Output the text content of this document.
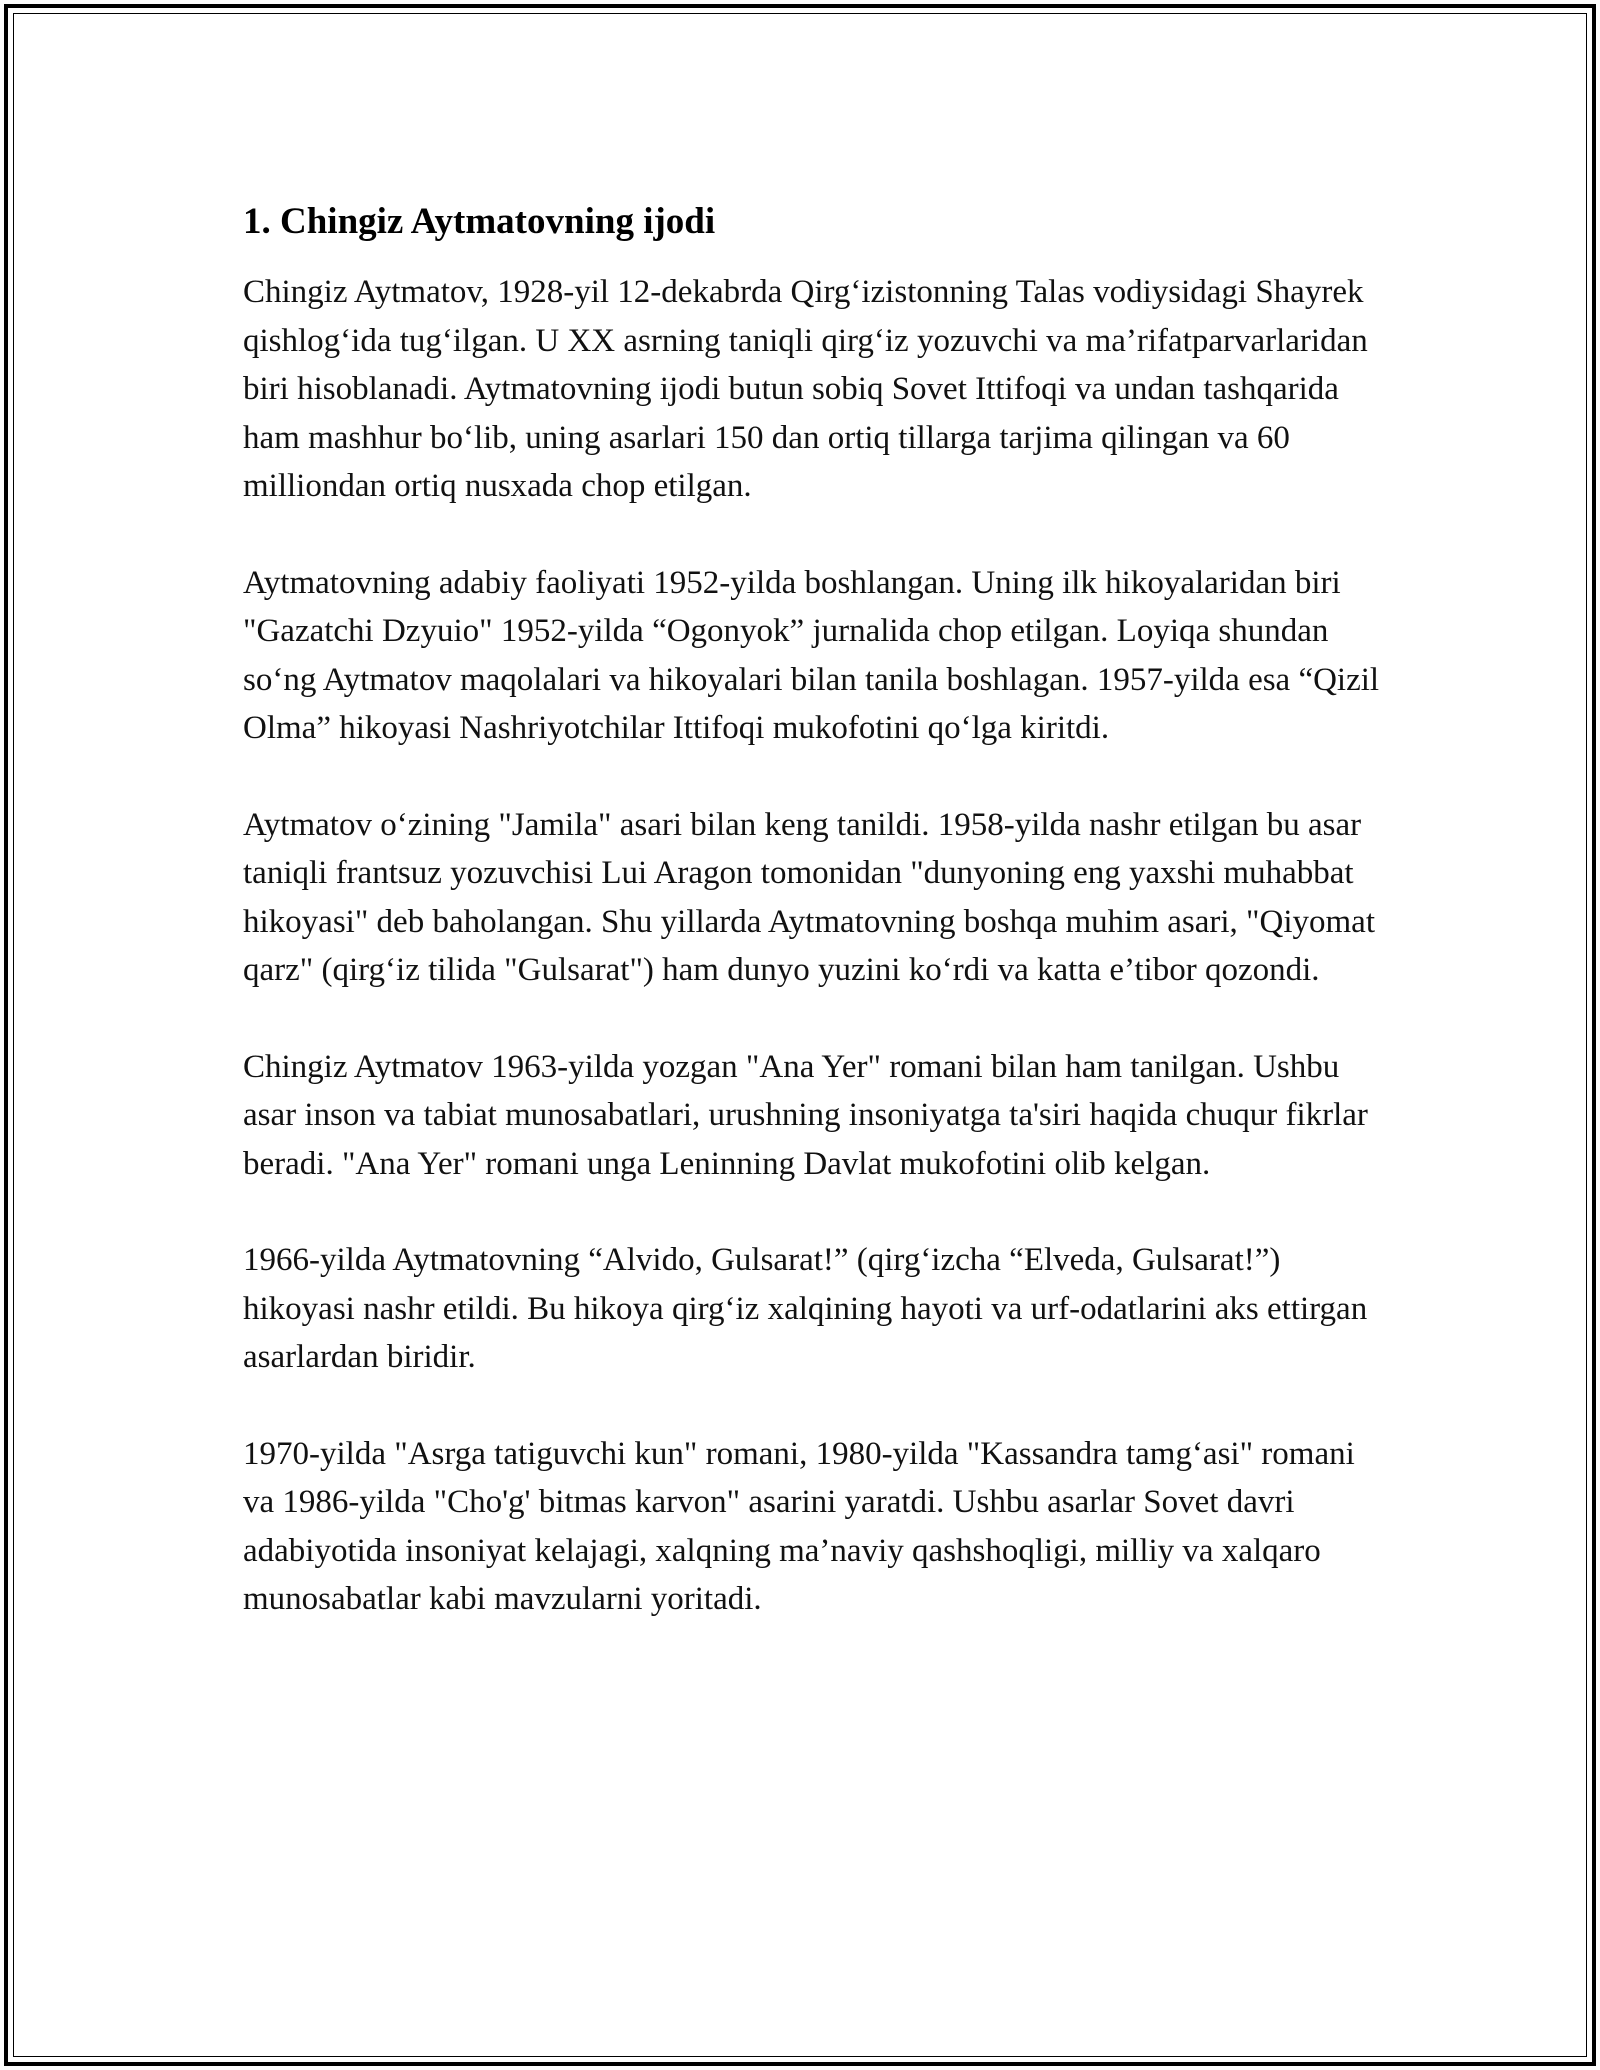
1. Chingiz Aytmatovning ijodi

Chingiz Aytmatov, 1928-yil 12-dekabrda Qirg‘izistonning Talas vodiysidagi Shayrek qishlog‘ida tug‘ilgan. U XX asrning taniqli qirg‘iz yozuvchi va ma’rifatparvarlaridan biri hisoblanadi. Aytmatovning ijodi butun sobiq Sovet Ittifoqi va undan tashqarida ham mashhur bo‘lib, uning asarlari 150 dan ortiq tillarga tarjima qilingan va 60 milliondan ortiq nusxada chop etilgan.

Aytmatovning adabiy faoliyati 1952-yilda boshlangan. Uning ilk hikoyalaridan biri "Gazatchi Dzyuio" 1952-yilda “Ogonyok” jurnalida chop etilgan. Loyiqa shundan so‘ng Aytmatov maqolalari va hikoyalari bilan tanila boshlagan. 1957-yilda esa “Qizil Olma” hikoyasi Nashriyotchilar Ittifoqi mukofotini qo‘lga kiritdi.

Aytmatov o‘zining "Jamila" asari bilan keng tanildi. 1958-yilda nashr etilgan bu asar taniqli frantsuz yozuvchisi Lui Aragon tomonidan "dunyoning eng yaxshi muhabbat hikoyasi" deb baholangan. Shu yillarda Aytmatovning boshqa muhim asari, "Qiyomat qarz" (qirg‘iz tilida "Gulsarat") ham dunyo yuzini ko‘rdi va katta e’tibor qozondi.

Chingiz Aytmatov 1963-yilda yozgan "Ana Yer" romani bilan ham tanilgan. Ushbu asar inson va tabiat munosabatlari, urushning insoniyatga ta'siri haqida chuqur fikrlar beradi. "Ana Yer" romani unga Leninning Davlat mukofotini olib kelgan.

1966-yilda Aytmatovning “Alvido, Gulsarat!” (qirg‘izcha “Elveda, Gulsarat!”) hikoyasi nashr etildi. Bu hikoya qirg‘iz xalqining hayoti va urf-odatlarini aks ettirgan asarlardan biridir.

1970-yilda "Asrga tatiguvchi kun" romani, 1980-yilda "Kassandra tamg‘asi" romani va 1986-yilda "Cho'g' bitmas karvon" asarini yaratdi. Ushbu asarlar Sovet davri adabiyotida insoniyat kelajagi, xalqning ma’naviy qashshoqligi, milliy va xalqaro munosabatlar kabi mavzularni yoritadi.
